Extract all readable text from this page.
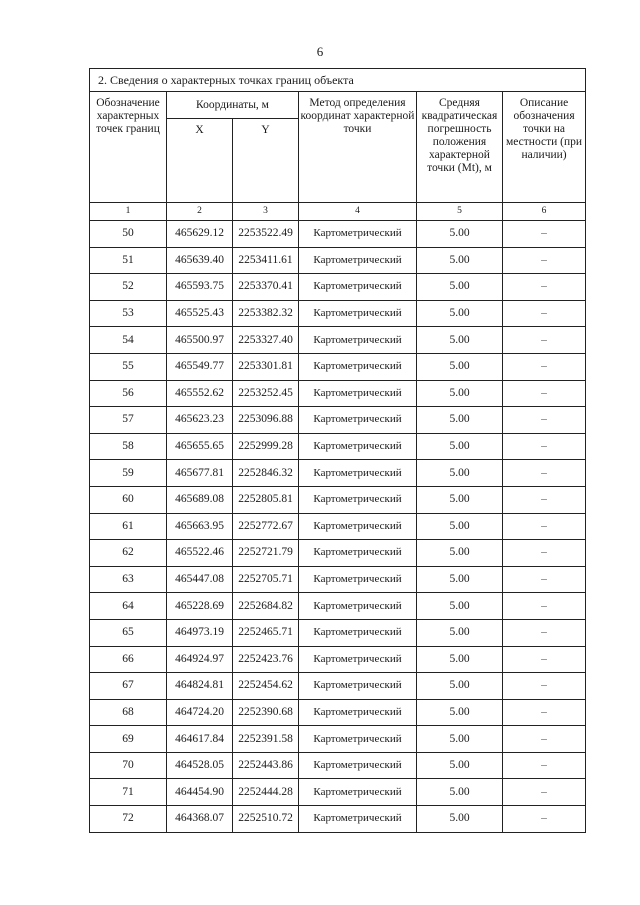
6
2. Сведения о характерных точках границ объекта					
Обозначение характерных точек границ	Координаты, м		Метод определения координат характерной точки	Средняя квадратическая погрешность положения характерной точки (Mt), м	Описание обозначения точки на местности (при наличии)
	X	Y			
1	2	3	4	5	6
50	465629.12	2253522.49	Картометрический	5.00	–
51	465639.40	2253411.61	Картометрический	5.00	–
52	465593.75	2253370.41	Картометрический	5.00	–
53	465525.43	2253382.32	Картометрический	5.00	–
54	465500.97	2253327.40	Картометрический	5.00	–
55	465549.77	2253301.81	Картометрический	5.00	–
56	465552.62	2253252.45	Картометрический	5.00	–
57	465623.23	2253096.88	Картометрический	5.00	–
58	465655.65	2252999.28	Картометрический	5.00	–
59	465677.81	2252846.32	Картометрический	5.00	–
60	465689.08	2252805.81	Картометрический	5.00	–
61	465663.95	2252772.67	Картометрический	5.00	–
62	465522.46	2252721.79	Картометрический	5.00	–
63	465447.08	2252705.71	Картометрический	5.00	–
64	465228.69	2252684.82	Картометрический	5.00	–
65	464973.19	2252465.71	Картометрический	5.00	–
66	464924.97	2252423.76	Картометрический	5.00	–
67	464824.81	2252454.62	Картометрический	5.00	–
68	464724.20	2252390.68	Картометрический	5.00	–
69	464617.84	2252391.58	Картометрический	5.00	–
70	464528.05	2252443.86	Картометрический	5.00	–
71	464454.90	2252444.28	Картометрический	5.00	–
72	464368.07	2252510.72	Картометрический	5.00	–
